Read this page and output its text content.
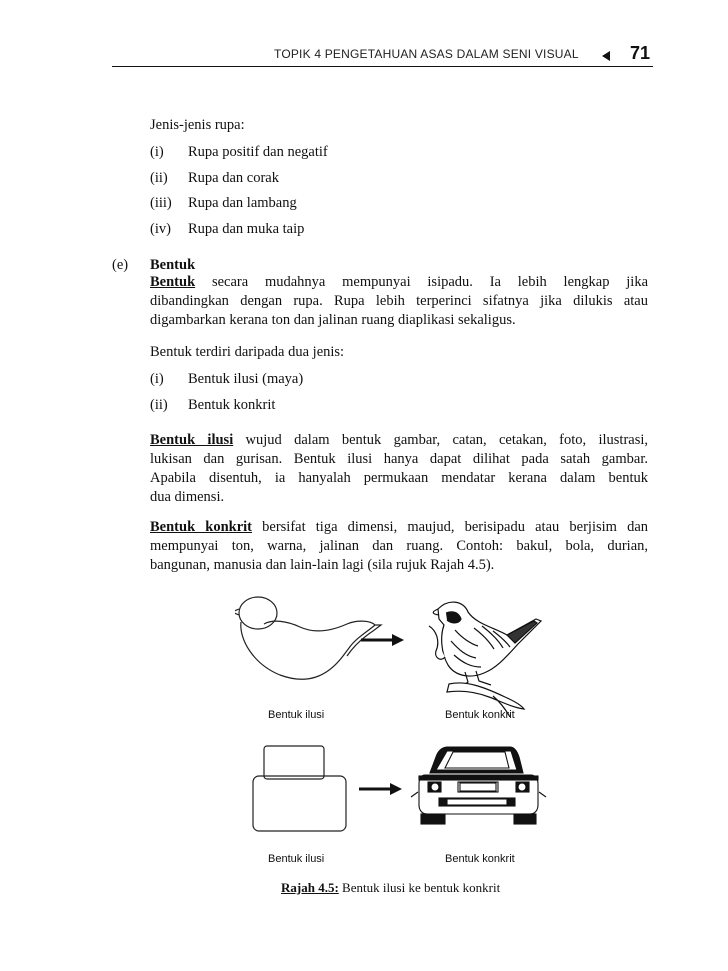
TOPIK 4 PENGETAHUAN ASAS DALAM SENI VISUAL	71
Jenis-jenis rupa:
(i) Rupa positif dan negatif
(ii) Rupa dan corak
(iii) Rupa dan lambang
(iv) Rupa dan muka taip
(e) Bentuk
Bentuk secara mudahnya mempunyai isipadu. Ia lebih lengkap jika
dibandingkan dengan rupa. Rupa lebih terperinci sifatnya jika dilukis atau
digambarkan kerana ton dan jalinan ruang diaplikasi sekaligus.
Bentuk terdiri daripada dua jenis:
(i) Bentuk ilusi (maya)
(ii) Bentuk konkrit
Bentuk ilusi wujud dalam bentuk gambar, catan, cetakan, foto, ilustrasi,
lukisan dan gurisan. Bentuk ilusi hanya dapat dilihat pada satah gambar.
Apabila disentuh, ia hanyalah permukaan mendatar kerana dalam bentuk
dua dimensi.
Bentuk konkrit bersifat tiga dimensi, maujud, berisipadu atau berjisim dan
mempunyai ton, warna, jalinan dan ruang. Contoh: bakul, bola, durian,
bangunan, manusia dan lain-lain lagi (sila rujuk Rajah 4.5).
Bentuk ilusi	Bentuk konkrit
Bentuk ilusi	Bentuk konkrit
Rajah 4.5: Bentuk ilusi ke bentuk konkrit
